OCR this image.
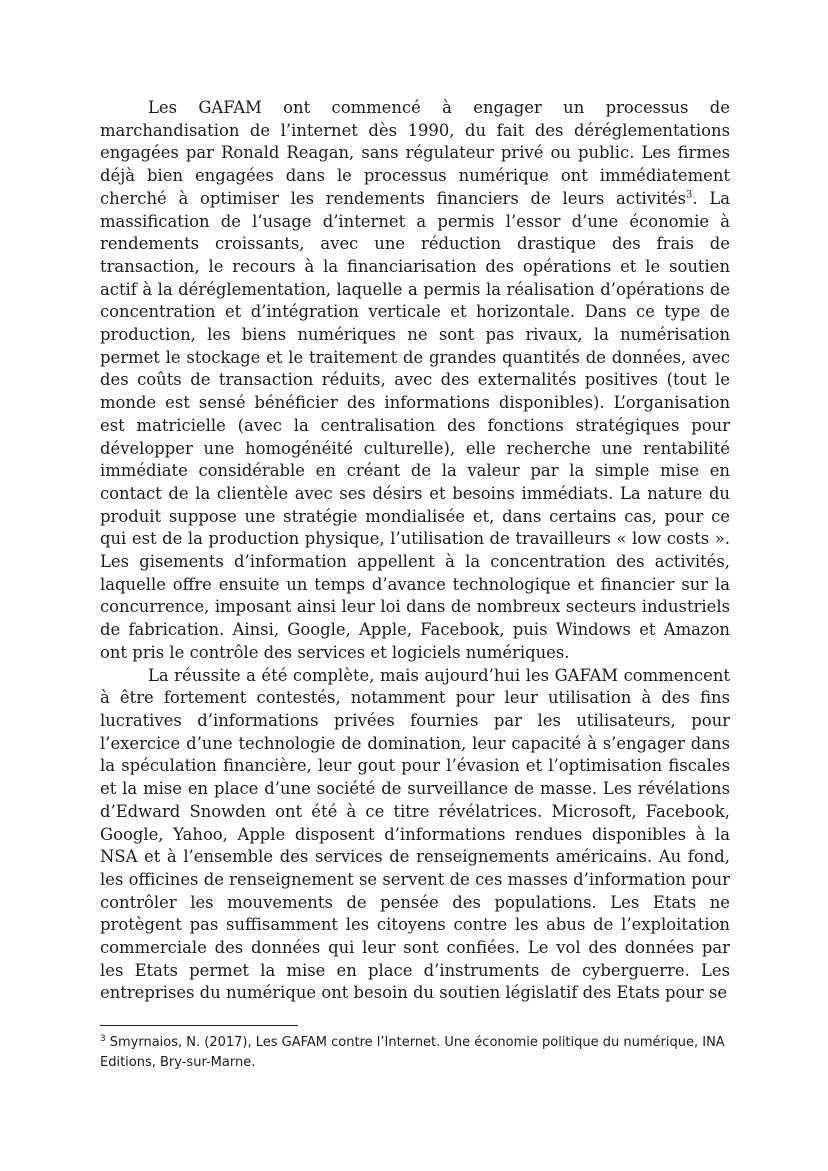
Les GAFAM ont commencé à engager un processus de marchandisation de l’internet dès 1990, du fait des déréglementations engagées par Ronald Reagan, sans régulateur privé ou public. Les firmes déjà bien engagées dans le processus numérique ont immédiatement cherché à optimiser les rendements financiers de leurs activités$^3$. La massification de l’usage d’internet a permis l’essor d’une économie à rendements croissants, avec une réduction drastique des frais de transaction, le recours à la financiarisation des opérations et le soutien actif à la déréglementation, laquelle a permis la réalisation d’opérations de concentration et d’intégration verticale et horizontale. Dans ce type de production, les biens numériques ne sont pas rivaux, la numérisation permet le stockage et le traitement de grandes quantités de données, avec des coûts de transaction réduits, avec des externalités positives (tout le monde est sensé bénéficier des informations disponibles). L’organisation est matricielle (avec la centralisation des fonctions stratégiques pour développer une homogénéité culturelle), elle recherche une rentabilité immédiate considérable en créant de la valeur par la simple mise en contact de la clientèle avec ses désirs et besoins immédiats. La nature du produit suppose une stratégie mondialisée et, dans certains cas, pour ce qui est de la production physique, l’utilisation de travailleurs « low costs ». Les gisements d’information appellent à la concentration des activités, laquelle offre ensuite un temps d’avance technologique et financier sur la concurrence, imposant ainsi leur loi dans de nombreux secteurs industriels de fabrication. Ainsi, Google, Apple, Facebook, puis Windows et Amazon ont pris le contrôle des services et logiciels numériques.

La réussite a été complète, mais aujourd’hui les GAFAM commencent à être fortement contestés, notamment pour leur utilisation à des fins lucratives d’informations privées fournies par les utilisateurs, pour l’exercice d’une technologie de domination, leur capacité à s’engager dans la spéculation financière, leur gout pour l’évasion et l’optimisation fiscales et la mise en place d’une société de surveillance de masse. Les révélations d’Edward Snowden ont été à ce titre révélatrices. Microsoft, Facebook, Google, Yahoo, Apple disposent d’informations rendues disponibles à la NSA et à l’ensemble des services de renseignements américains. Au fond, les officines de renseignement se servent de ces masses d’information pour contrôler les mouvements de pensée des populations. Les Etats ne protègent pas suffisamment les citoyens contre les abus de l’exploitation commerciale des données qui leur sont confiées. Le vol des données par les Etats permet la mise en place d’instruments de cyberguerre. Les entreprises du numérique ont besoin du soutien législatif des Etats pour se

$^3$ Smyrnaios, N. (2017), Les GAFAM contre l’Internet. Une économie politique du numérique, INA Editions, Bry-sur-Marne.
